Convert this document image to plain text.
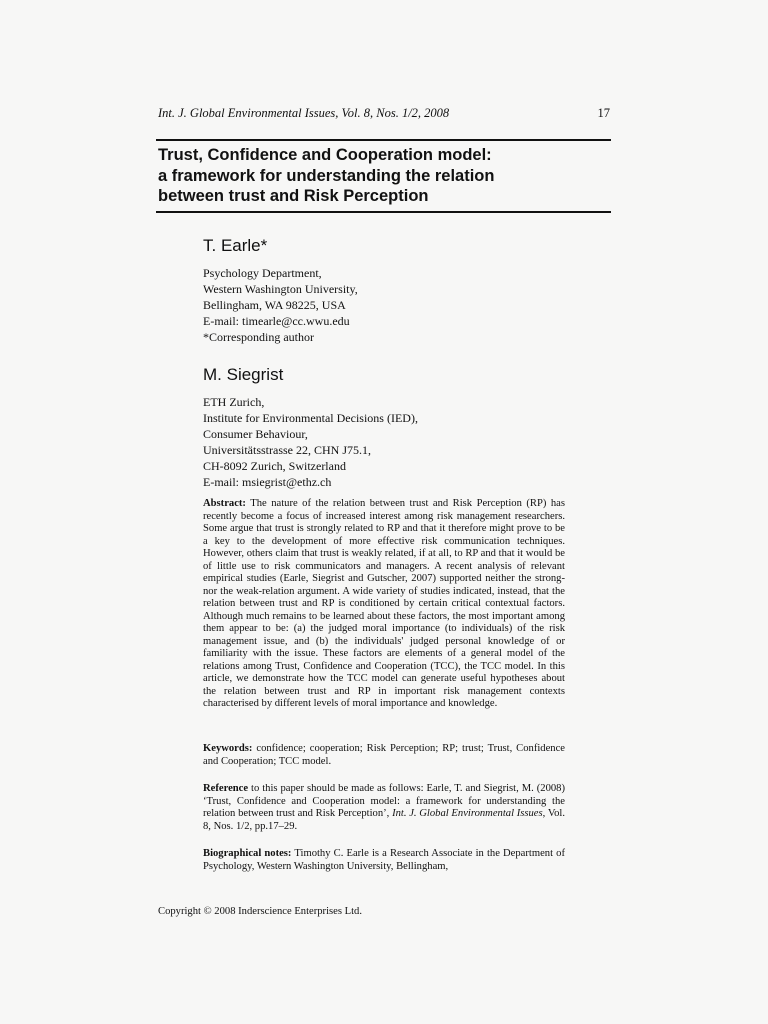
Int. J. Global Environmental Issues, Vol. 8, Nos. 1/2, 2008	17
Trust, Confidence and Cooperation model:
a framework for understanding the relation
between trust and Risk Perception
T. Earle*
Psychology Department,
Western Washington University,
Bellingham, WA 98225, USA
E-mail: timearle@cc.wwu.edu
*Corresponding author
M. Siegrist
ETH Zurich,
Institute for Environmental Decisions (IED),
Consumer Behaviour,
Universitätsstrasse 22, CHN J75.1,
CH-8092 Zurich, Switzerland
E-mail: msiegrist@ethz.ch
Abstract: The nature of the relation between trust and Risk Perception (RP) has recently become a focus of increased interest among risk management researchers. Some argue that trust is strongly related to RP and that it therefore might prove to be a key to the development of more effective risk communication techniques. However, others claim that trust is weakly related, if at all, to RP and that it would be of little use to risk communicators and managers. A recent analysis of relevant empirical studies (Earle, Siegrist and Gutscher, 2007) supported neither the strong- nor the weak-relation argument. A wide variety of studies indicated, instead, that the relation between trust and RP is conditioned by certain critical contextual factors. Although much remains to be learned about these factors, the most important among them appear to be: (a) the judged moral importance (to individuals) of the risk management issue, and (b) the individuals' judged personal knowledge of or familiarity with the issue. These factors are elements of a general model of the relations among Trust, Confidence and Cooperation (TCC), the TCC model. In this article, we demonstrate how the TCC model can generate useful hypotheses about the relation between trust and RP in important risk management contexts characterised by different levels of moral importance and knowledge.
Keywords: confidence; cooperation; Risk Perception; RP; trust; Trust, Confidence and Cooperation; TCC model.
Reference to this paper should be made as follows: Earle, T. and Siegrist, M. (2008) ‘Trust, Confidence and Cooperation model: a framework for understanding the relation between trust and Risk Perception’, Int. J. Global Environmental Issues, Vol. 8, Nos. 1/2, pp.17–29.
Biographical notes: Timothy C. Earle is a Research Associate in the Department of Psychology, Western Washington University, Bellingham,
Copyright © 2008 Inderscience Enterprises Ltd.
